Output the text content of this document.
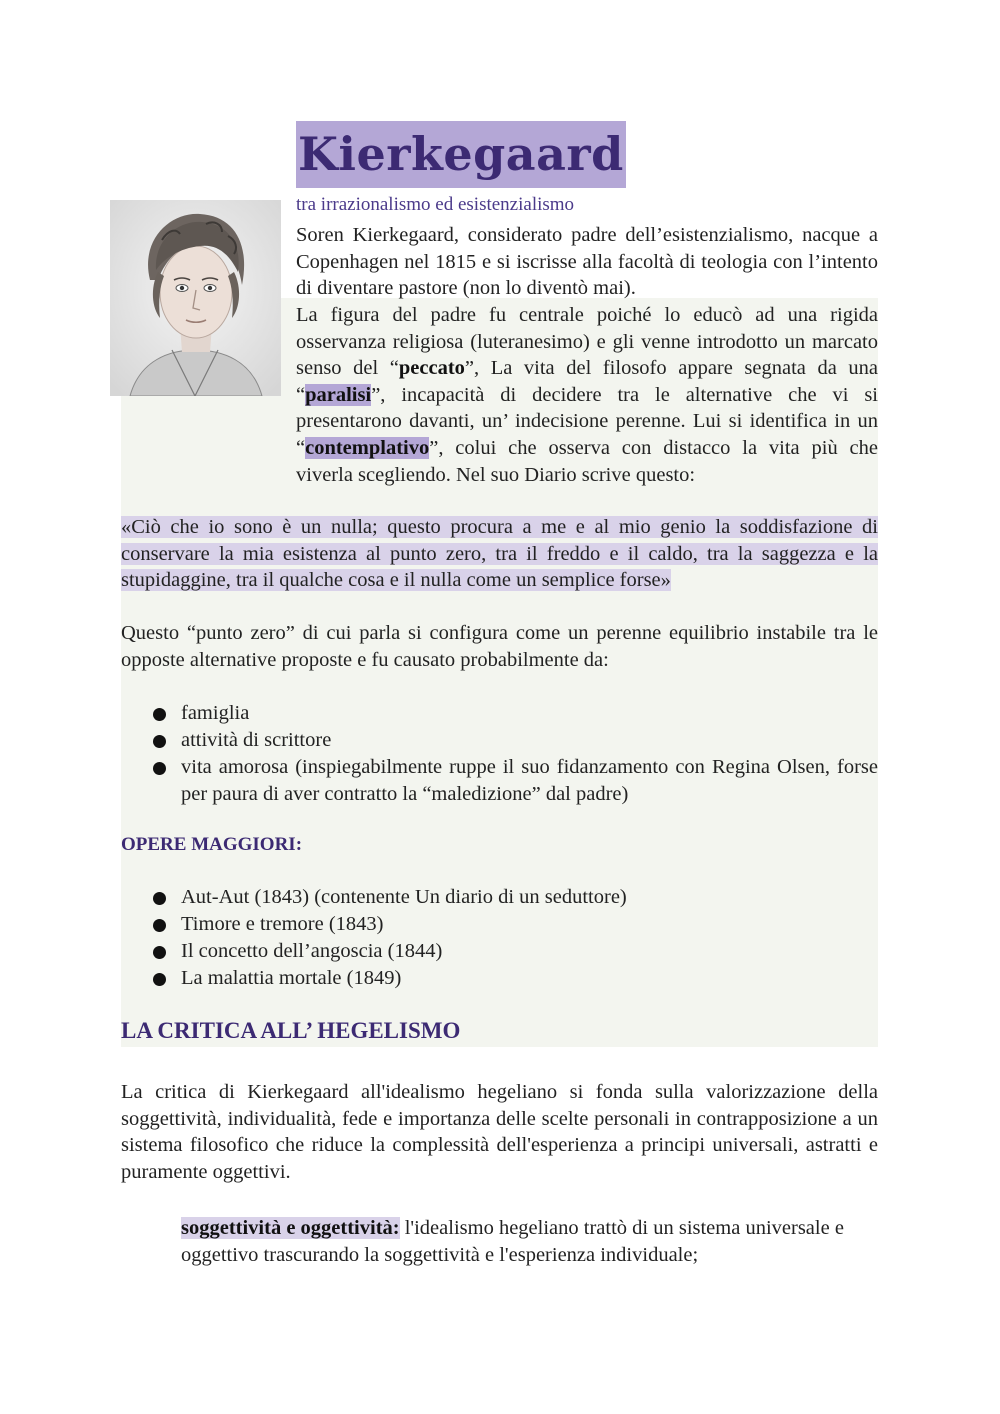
Kierkegaard
tra irrazionalismo ed esistenzialismo

Soren Kierkegaard, considerato padre dell’esistenzialismo, nacque a Copenhagen nel 1815 e si iscrisse alla facoltà di teologia con l’intento di diventare pastore (non lo diventò mai).

La figura del padre fu centrale poiché lo educò ad una rigida osservanza religiosa (luteranesimo) e gli venne introdotto un marcato senso del “peccato”, La vita del filosofo appare segnata da una “paralisi”, incapacità di decidere tra le alternative che vi si presentarono davanti, un’ indecisione perenne. Lui si identifica in un “contemplativo”, colui che osserva con distacco la vita più che viverla scegliendo. Nel suo Diario scrive questo:

«Ciò che io sono è un nulla; questo procura a me e al mio genio la soddisfazione di conservare la mia esistenza al punto zero, tra il freddo e il caldo, tra la saggezza e la stupidaggine, tra il qualche cosa e il nulla come un semplice forse»

Questo “punto zero” di cui parla si configura come un perenne equilibrio instabile tra le opposte alternative proposte e fu causato probabilmente da:

famiglia
attività di scrittore
vita amorosa (inspiegabilmente ruppe il suo fidanzamento con Regina Olsen, forse per paura di aver contratto la “maledizione” dal padre)
OPERE MAGGIORI:
Aut-Aut (1843) (contenente Un diario di un seduttore)
Timore e tremore (1843)
Il concetto dell’angoscia (1844)
La malattia mortale (1849)
LA CRITICA ALL’ HEGELISMO

La critica di Kierkegaard all'idealismo hegeliano si fonda sulla valorizzazione della soggettività, individualità, fede e importanza delle scelte personali in contrapposizione a un sistema filosofico che riduce la complessità dell'esperienza a principi universali, astratti e puramente oggettivi.

soggettività e oggettività: l'idealismo hegeliano trattò di un sistema universale e oggettivo trascurando la soggettività e l'esperienza individuale;
